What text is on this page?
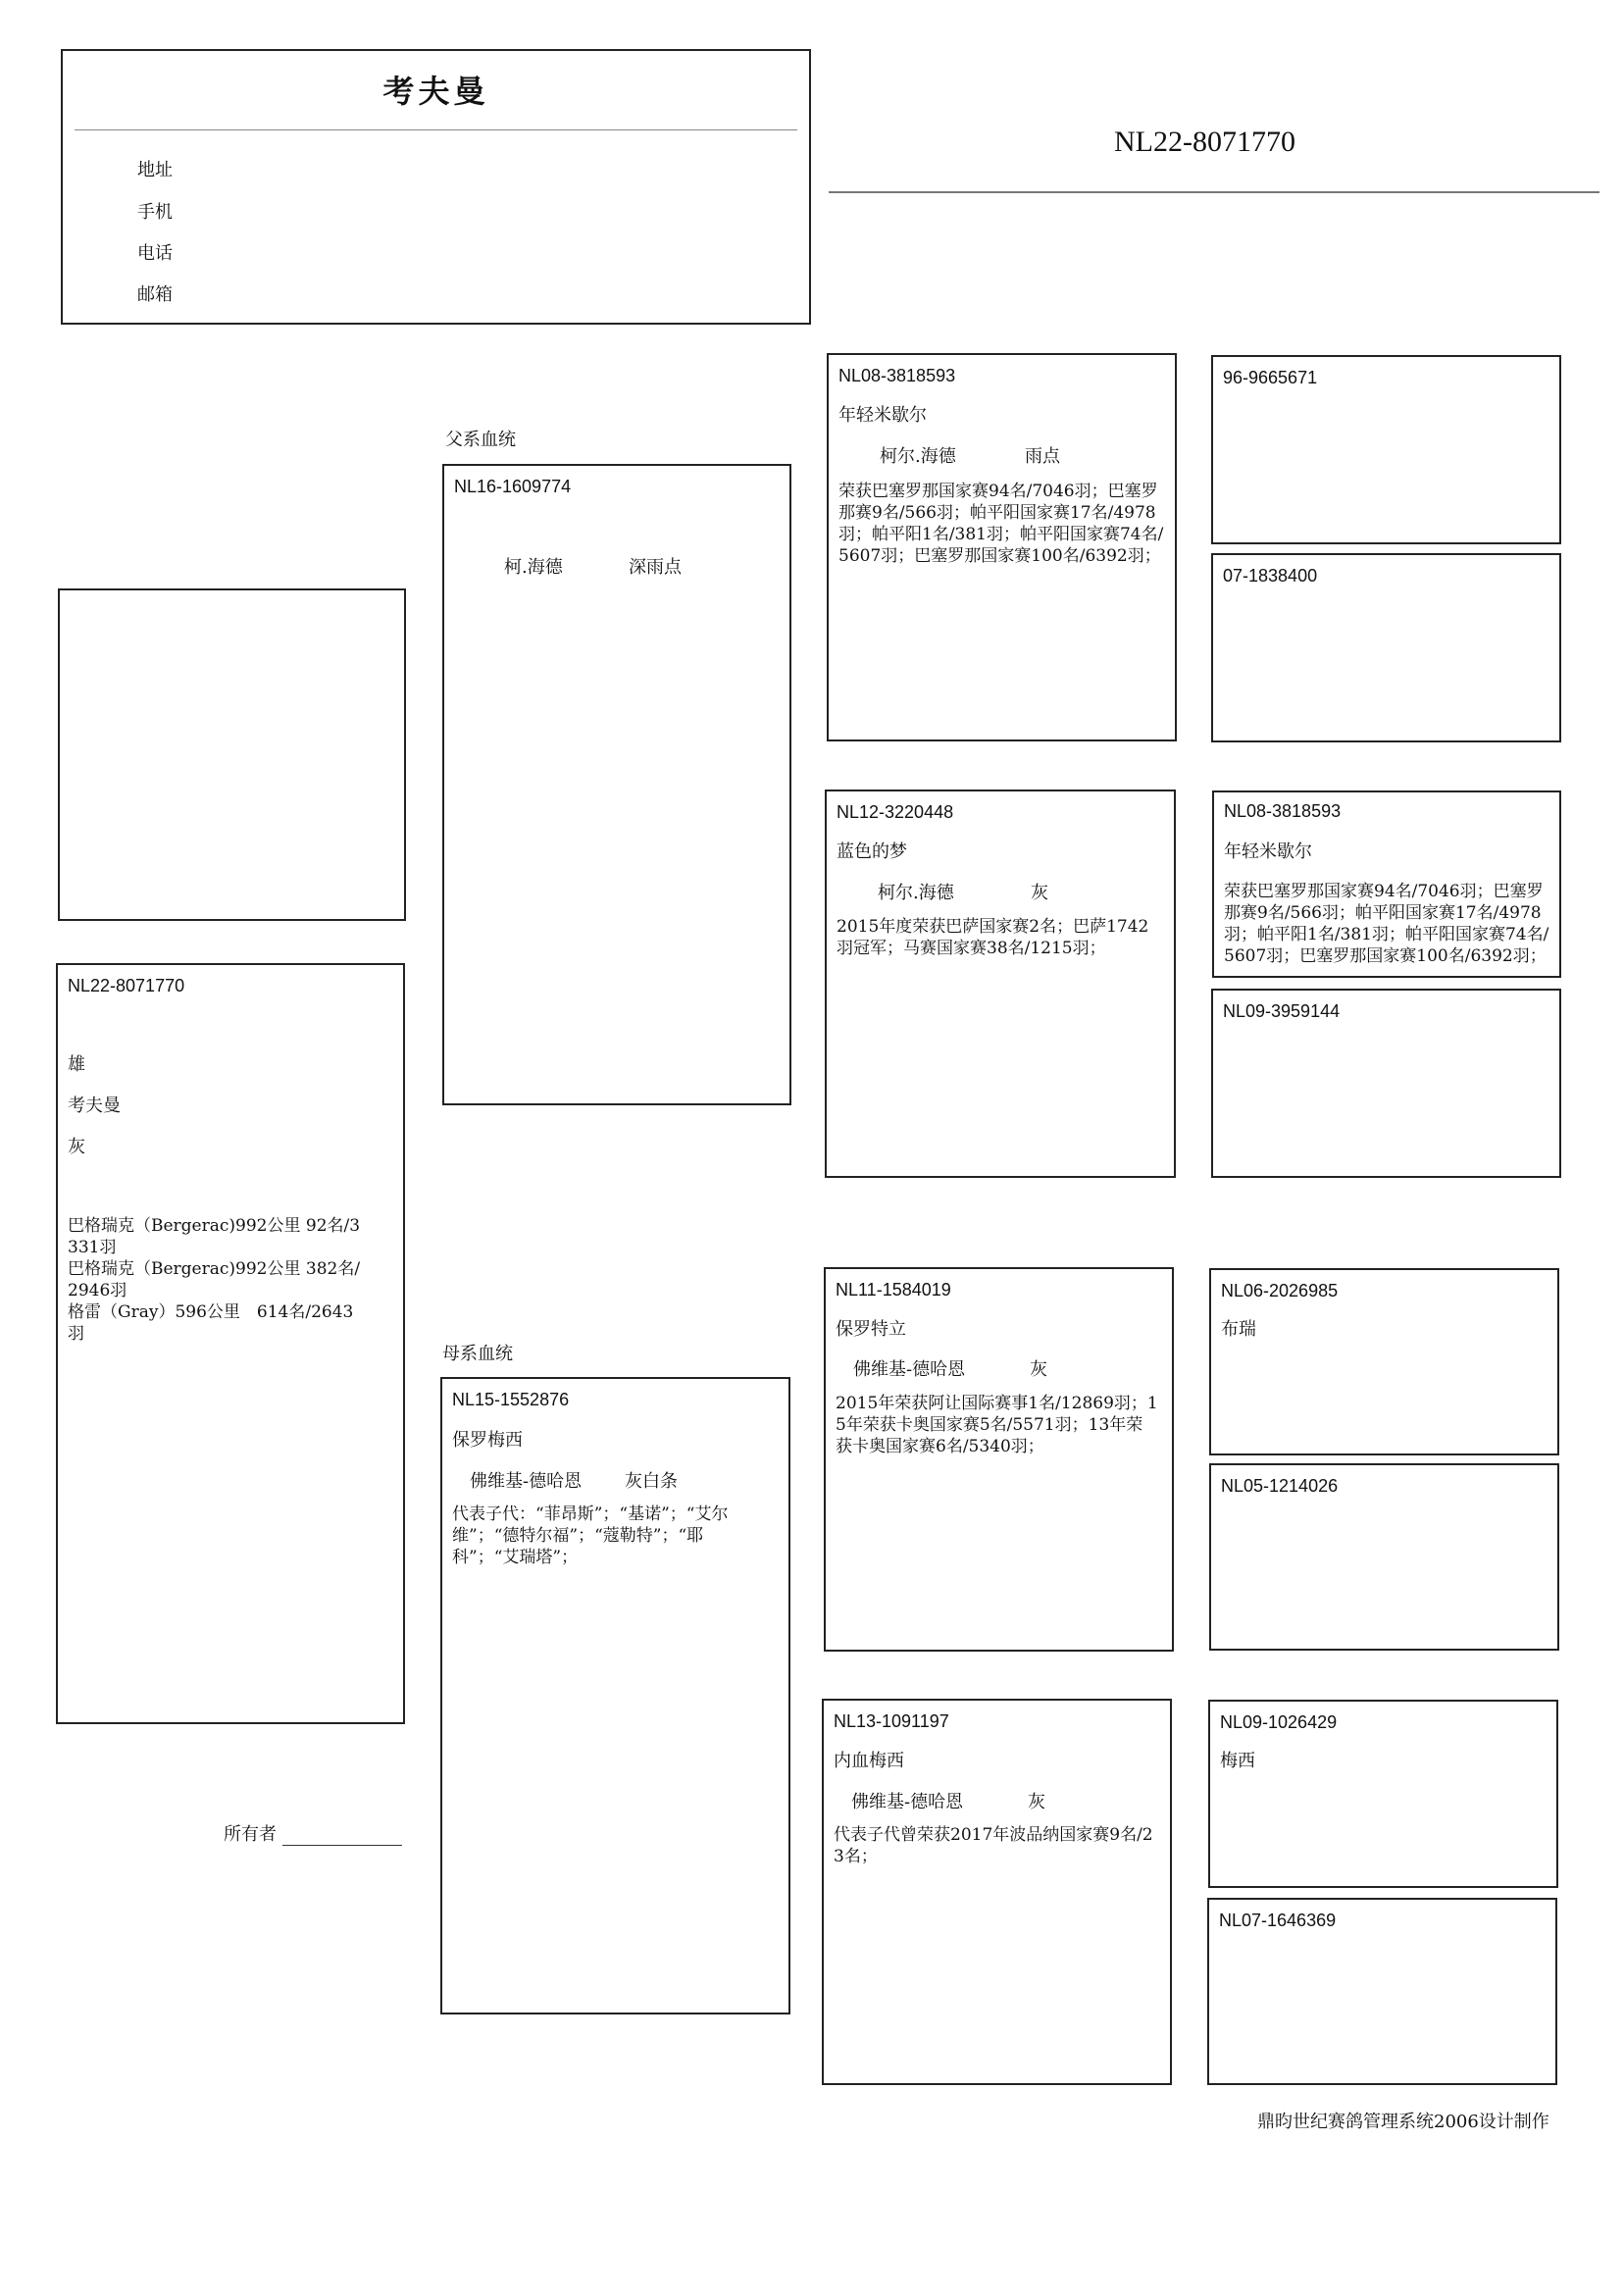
考夫曼
地址
手机
电话
邮箱
NL22-8071770
NL22-8071770
雄
考夫曼
灰
巴格瑞克（Bergerac)992公里 92名/3331羽
巴格瑞克（Bergerac)992公里 382名/2946羽
格雷（Gray）596公里　614名/2643羽
所有者
父系血统
NL16-1609774
柯.海德	深雨点
母系血统
NL15-1552876
保罗梅西
佛维基-德哈恩 灰白条
代表子代：“菲昂斯”；“基诺”；“艾尔维”；“德特尔福”；“蔻勒特”；“耶科”；“艾瑞塔”；
NL08-3818593
年轻米歇尔
柯尔.海德	雨点
荣获巴塞罗那国家赛94名/7046羽；巴塞罗那赛9名/566羽；帕平阳国家赛17名/4978羽；帕平阳1名/381羽；帕平阳国家赛74名/5607羽；巴塞罗那国家赛100名/6392羽；
NL12-3220448
蓝色的梦
柯尔.海德	灰
2015年度荣获巴萨国家赛2名；巴萨1742羽冠军；马赛国家赛38名/1215羽；
NL11-1584019
保罗特立
佛维基-德哈恩	灰
2015年荣获阿让国际赛事1名/12869羽；15年荣获卡奥国家赛5名/5571羽；13年荣获卡奥国家赛6名/5340羽；
NL13-1091197
内血梅西
佛维基-德哈恩	灰
代表子代曾荣获2017年波品纳国家赛9名/23名；
96-9665671
07-1838400
NL08-3818593
年轻米歇尔
荣获巴塞罗那国家赛94名/7046羽；巴塞罗那赛9名/566羽；帕平阳国家赛17名/4978羽；帕平阳1名/381羽；帕平阳国家赛74名/5607羽；巴塞罗那国家赛100名/6392羽；
NL09-3959144
NL06-2026985
布瑞
NL05-1214026
NL09-1026429
梅西
NL07-1646369
鼎昀世纪赛鸽管理系统2006设计制作
